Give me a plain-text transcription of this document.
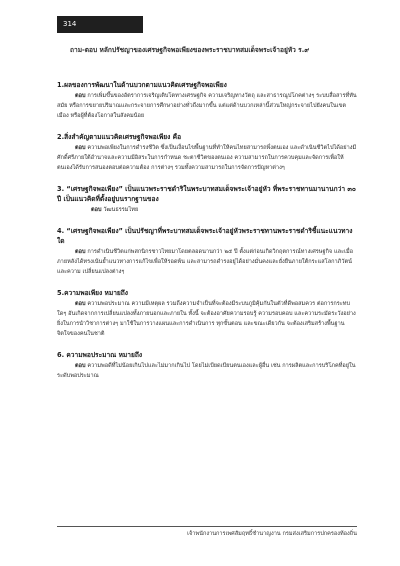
314
ถาม-ตอบ หลักปรัชญาของเศรษฐกิจพอเพียงของพระราชบาทสมเด็จพระเจ้าอยู่หัว ร.๙
1.ผลของการพัฒนาในด้านบวกตามแนวคิดเศรษฐกิจพอเพียง
ตอบ การเพิ่มขึ้นของอัตราการเจริญเติบโตทางเศรษฐกิจ ความเจริญทางวัตถุ และสาธารณูปโภคต่างๆ ระบบสื่อสารที่ทันสมัย หรือการขยายปริมาณและกระจายการศึกษาอย่างทั่วถึงมากขึ้น แต่แต่ด้านบวกเหล่านี้ส่วนใหญ่กระจายไปยังคนในเขตเมือง หรือผู้ที่ต้องโอกาสในสังคมน้อย
2.สิ่งสำคัญตามแนวคิดเศรษฐกิจพอเพียง คือ
ตอบ ความพอเพียงในการดำรงชีวิต ซึ่งเป็นเงื่อนไขพื้นฐานที่ทำให้คนไทยสามารถพึ่งตนเอง และดำเนินชีวิตไปได้อย่างมีศักดิ์ศรีภายใต้อำนาจและความมีอิสระในการกำหนด ชะตาชีวิตของตนเอง ความสามารถในการควบคุมและจัดการเพื่อให้ตนเองได้รับการสนองตอบต่อความต้อง การต่างๆ รวมทั้งความสามารถในการจัดการปัญหาต่างๆ
3. “เศรษฐกิจพอเพียง” เป็นแนวพระราชดำริในพระบาทสมเด็จพระเจ้าอยู่หัว ที่พระราชทานมานานกว่า ๓๐ ปี เป็นแนวคิดที่ตั้งอยู่บนรากฐานของ
ตอบ วัฒนธรรมไทย
4. “เศรษฐกิจพอเพียง” เป็นปรัชญาที่พระบาทสมเด็จพระเจ้าอยู่หัวพระราชทานพระราชดำริชี้แนะแนวทางใด
ตอบ การดำเนินชีวิตแก่พสกนิกรชาวไทยมาโดยตลอดนานกว่า ๒๕ ปี ตั้งแต่ก่อนเกิดวิกฤตการณ์ทางเศรษฐกิจ และเมื่อภายหลังได้ทรงเน้นย้ำแนวทางการแก้ไขเพื่อให้รอดพ้น และสามารถดำรงอยู่ได้อย่างมั่นคงและยั่งยืนภายใต้กระแสโลกาภิวัตน์และความ เปลี่ยนแปลงต่างๆ
5.ความพอเพียง หมายถึง
ตอบ ความพอประมาณ ความมีเหตุผล รวมถึงความจำเป็นที่จะต้องมีระบบภูมิคุ้มกันในตัวที่ดีพอสมควร ต่อการกระทบใดๆ อันเกิดจากการเปลี่ยนแปลงทั้งภายนอกและภายใน ทั้งนี้ จะต้องอาศัยความรอบรู้ ความรอบคอบ และความระมัดระวังอย่างยิ่งในการนำวิชาการต่างๆ มาใช้ในการวางแผนและการดำเนินการ ทุกขั้นตอน และขณะเดียวกัน จะต้องเสริมสร้างพื้นฐานจิตใจของคนในชาติ
6. ความพอประมาณ หมายถึง
ตอบ ความพอดีที่ไม่น้อยเกินไปและไม่มากเกินไป โดยไม่เบียดเบียนตนเองและผู้อื่น เช่น การผลิตและการบริโภคที่อยู่ในระดับพอประมาณ
เจ้าพนักงานการเพศสัมฤทธิ์ชำนาญงาน กรมส่งเสริมการปกครองท้องถิ่น
